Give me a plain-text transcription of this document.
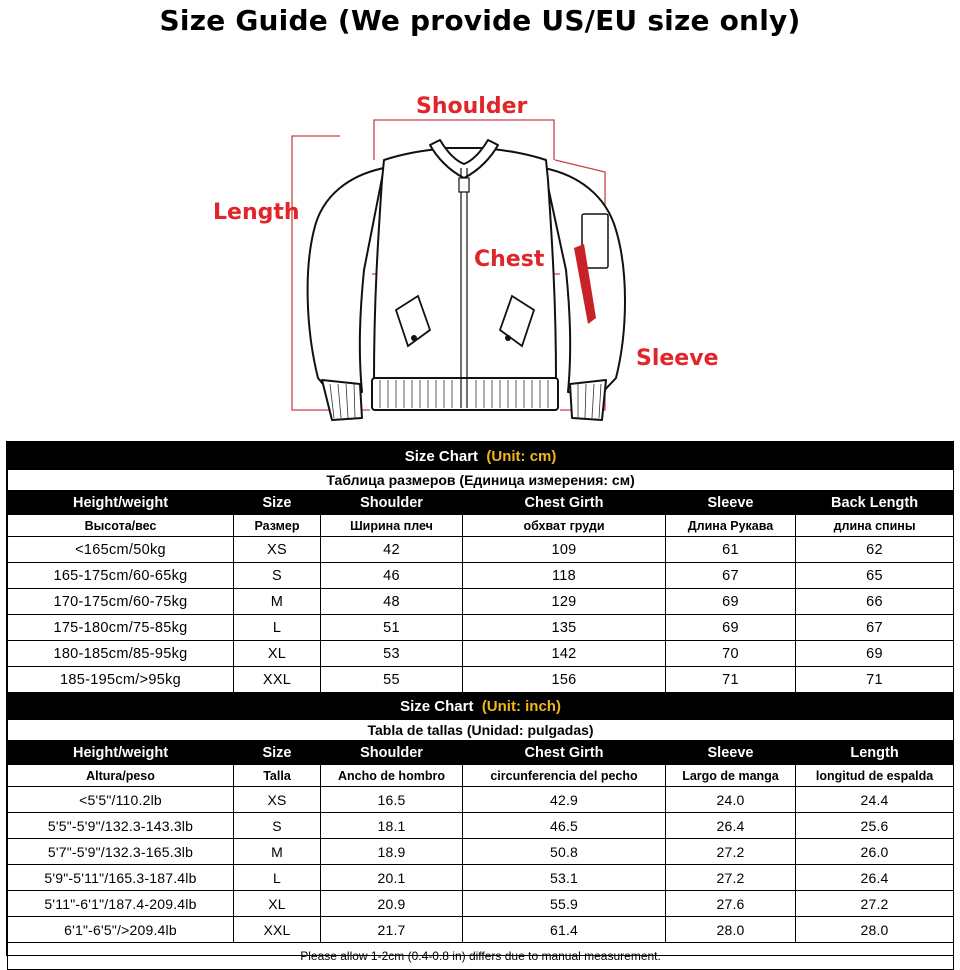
Size Guide (We provide US/EU size only)
Shoulder
Length
Chest
Sleeve
Size Chart (Unit: cm)					
Таблица размеров (Единица измерения: см)					
Height/weight	Size	Shoulder	Chest Girth	Sleeve	Back Length
Высота/вес	Размер	Ширина плеч	обхват груди	Длина Рукава	длина спины
<165cm/50kg	XS	42	109	61	62
165-175cm/60-65kg	S	46	118	67	65
170-175cm/60-75kg	M	48	129	69	66
175-180cm/75-85kg	L	51	135	69	67
180-185cm/85-95kg	XL	53	142	70	69
185-195cm/>95kg	XXL	55	156	71	71
Size Chart (Unit: inch)					
Tabla de tallas (Unidad: pulgadas)					
Height/weight	Size	Shoulder	Chest Girth	Sleeve	Length
Altura/peso	Talla	Ancho de hombro	circunferencia del pecho	Largo de manga	longitud de espalda
<5'5"/110.2lb	XS	16.5	42.9	24.0	24.4
5'5"-5'9"/132.3-143.3lb	S	18.1	46.5	26.4	25.6
5'7"-5'9"/132.3-165.3lb	M	18.9	50.8	27.2	26.0
5'9"-5'11"/165.3-187.4lb	L	20.1	53.1	27.2	26.4
5'11"-6'1"/187.4-209.4lb	XL	20.9	55.9	27.6	27.2
6'1"-6'5"/>209.4lb	XXL	21.7	61.4	28.0	28.0
Please allow 1-2cm (0.4-0.8 in) differs due to manual measurement.					
